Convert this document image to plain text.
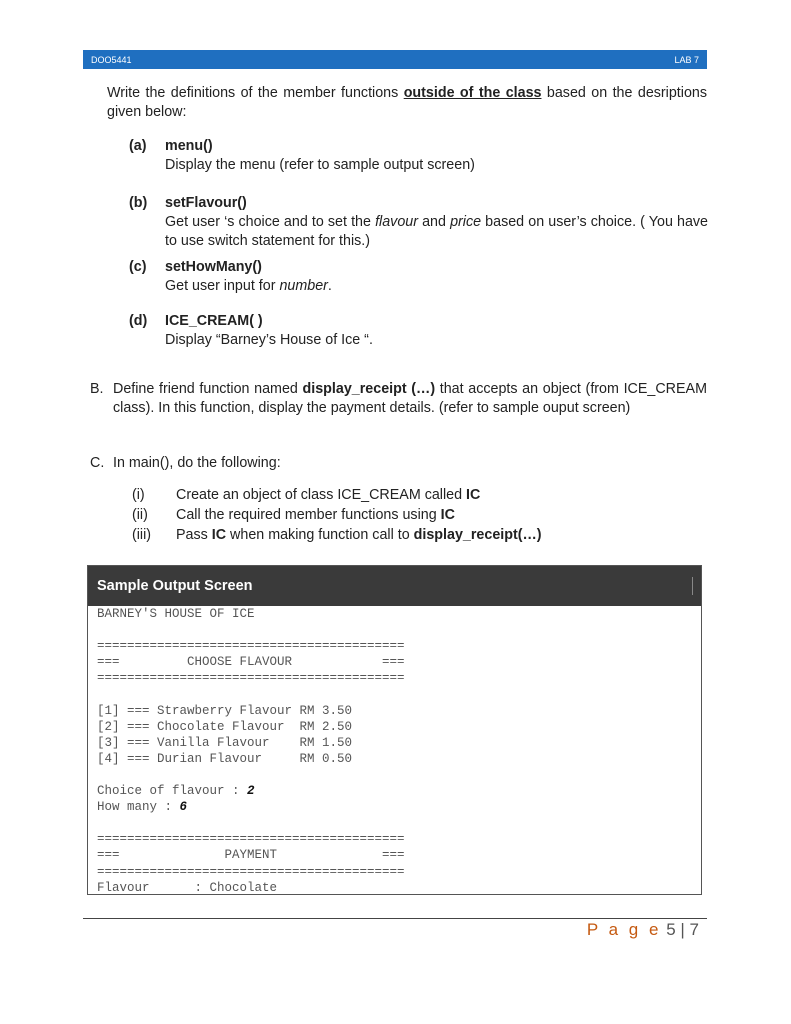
DOO5441	LAB 7
Write the definitions of the member functions outside of the class based on the desriptions given below:
(a) menu()
Display the menu (refer to sample output screen)
(b) setFlavour()
Get user ‘s choice and to set the flavour and price based on user’s choice. ( You have to use switch statement for this.)
(c) setHowMany()
Get user input for number.
(d) ICE_CREAM( )
Display “Barney’s House of Ice “.
B. Define friend function named display_receipt (…) that accepts an object (from ICE_CREAM class). In this function, display the payment details. (refer to sample ouput screen)
C. In main(), do the following:
(i) Create an object of class ICE_CREAM called IC
(ii) Call the required member functions using IC
(iii) Pass IC when making function call to display_receipt(…)
Sample Output Screen
BARNEY'S HOUSE OF ICE

=========================================
===         CHOOSE FLAVOUR            ===
=========================================

[1] === Strawberry Flavour RM 3.50
[2] === Chocolate Flavour  RM 2.50
[3] === Vanilla Flavour    RM 1.50
[4] === Durian Flavour     RM 0.50

Choice of flavour : 2
How many : 6

=========================================
===              PAYMENT              ===
=========================================
Flavour      : Chocolate
P a g e 5 | 7
